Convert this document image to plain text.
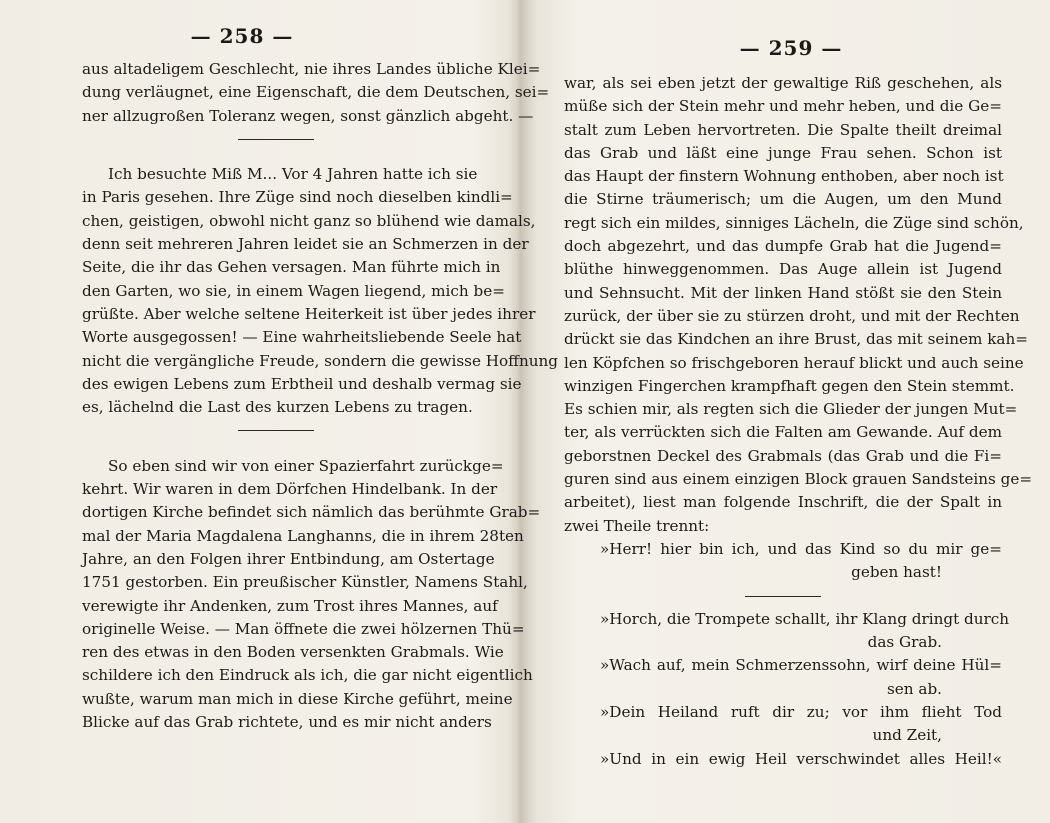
— 258 —
aus altadeligem Geschlecht, nie ihres Landes übliche Klei=
dung verläugnet, eine Eigenschaft, die dem Deutschen, sei=
ner allzugroßen Toleranz wegen, sonst gänzlich abgeht. —
Ich besuchte Miß M... Vor 4 Jahren hatte ich sie
in Paris gesehen. Ihre Züge sind noch dieselben kindli=
chen, geistigen, obwohl nicht ganz so blühend wie damals,
denn seit mehreren Jahren leidet sie an Schmerzen in der
Seite, die ihr das Gehen versagen. Man führte mich in
den Garten, wo sie, in einem Wagen liegend, mich be=
grüßte. Aber welche seltene Heiterkeit ist über jedes ihrer
Worte ausgegossen! — Eine wahrheitsliebende Seele hat
nicht die vergängliche Freude, sondern die gewisse Hoffnung
des ewigen Lebens zum Erbtheil und deshalb vermag sie
es, lächelnd die Last des kurzen Lebens zu tragen.
So eben sind wir von einer Spazierfahrt zurückge=
kehrt. Wir waren in dem Dörfchen Hindelbank. In der
dortigen Kirche befindet sich nämlich das berühmte Grab=
mal der Maria Magdalena Langhanns, die in ihrem 28ten
Jahre, an den Folgen ihrer Entbindung, am Ostertage
1751 gestorben. Ein preußischer Künstler, Namens Stahl,
verewigte ihr Andenken, zum Trost ihres Mannes, auf
originelle Weise. — Man öffnete die zwei hölzernen Thü=
ren des etwas in den Boden versenkten Grabmals. Wie
schildere ich den Eindruck als ich, die gar nicht eigentlich
wußte, warum man mich in diese Kirche geführt, meine
Blicke auf das Grab richtete, und es mir nicht anders
— 259 —
war, als sei eben jetzt der gewaltige Riß geschehen, als
müße sich der Stein mehr und mehr heben, und die Ge=
stalt zum Leben hervortreten. Die Spalte theilt dreimal
das Grab und läßt eine junge Frau sehen. Schon ist
das Haupt der finstern Wohnung enthoben, aber noch ist
die Stirne träumerisch; um die Augen, um den Mund
regt sich ein mildes, sinniges Lächeln, die Züge sind schön,
doch abgezehrt, und das dumpfe Grab hat die Jugend=
blüthe hinweggenommen. Das Auge allein ist Jugend
und Sehnsucht. Mit der linken Hand stößt sie den Stein
zurück, der über sie zu stürzen droht, und mit der Rechten
drückt sie das Kindchen an ihre Brust, das mit seinem kah=
len Köpfchen so frischgeboren herauf blickt und auch seine
winzigen Fingerchen krampfhaft gegen den Stein stemmt.
Es schien mir, als regten sich die Glieder der jungen Mut=
ter, als verrückten sich die Falten am Gewande. Auf dem
geborstnen Deckel des Grabmals (das Grab und die Fi=
guren sind aus einem einzigen Block grauen Sandsteins ge=
arbeitet), liest man folgende Inschrift, die der Spalt in
zwei Theile trennt:
»Herr! hier bin ich, und das Kind so du mir ge=
geben hast!
»Horch, die Trompete schallt, ihr Klang dringt durch
das Grab.
»Wach auf, mein Schmerzenssohn, wirf deine Hül=
sen ab.
»Dein Heiland ruft dir zu; vor ihm flieht Tod
und Zeit,
»Und in ein ewig Heil verschwindet alles Heil!«
